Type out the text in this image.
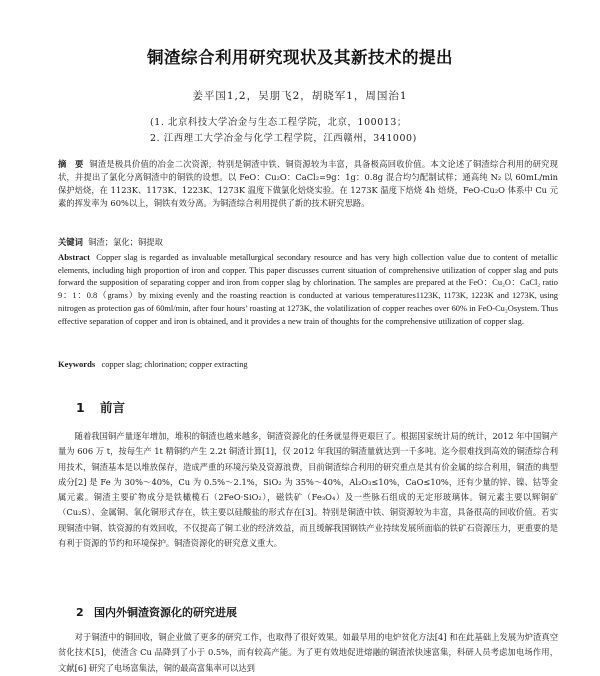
铜渣综合利用研究现状及其新技术的提出
姜平国1,2，吴朋飞2，胡晓军1，周国治1
(1. 北京科技大学冶金与生态工程学院，北京，100013；
2. 江西理工大学冶金与化学工程学院，江西赣州，341000)

摘　要 铜渣是极具价值的冶金二次资源，特别是铜渣中铁、铜资源较为丰富，具备极高回收价值。本文论述了铜渣综合利用的研究现状，并提出了氯化分离铜渣中的铜铁的设想。以 FeO：Cu₂O：CaCl₂=9g：1g：0.8g 混合均匀配制试样；通高纯 N₂ 以 60mL/min 保护焙烧，在 1123K、1173K、1223K、1273K 温度下做氯化焙烧实验。在 1273K 温度下焙烧 4h 焙烧，FeO-Cu₂O 体系中 Cu 元素的挥发率为 60%以上，铜铁有效分离。为铜渣综合利用提供了新的技术研究思路。

关键词 铜渣；氯化；铜提取

Abstract Copper slag is regarded as invaluable metallurgical secondary resource and has very high collection value due to content of metallic elements, including high proportion of iron and copper. This paper discusses current situation of comprehensive utilization of copper slag and puts forward the supposition of separating copper and iron from copper slag by chlorination. The samples are prepared at the FeO：Cu₂O：CaCl₂ ratio 9：1：0.8（grams）by mixing evenly and the roasting reaction is conducted at various temperatures1123K, 1173K, 1223K and 1273K, using nitrogen as protection gas of 60ml/min, after four hours’ roasting at 1273K, the volatilization of copper reaches over 60% in FeO-Cu₂Osystem. Thus effective separation of copper and iron is obtained, and it provides a new train of thoughts for the comprehensive utilization of copper slag.

Keywords copper slag; chlorination; copper extracting

1 前言

随着我国铜产量逐年增加，堆积的铜渣也越来越多，铜渣资源化的任务就显得更艰巨了。根据国家统计局的统计，2012 年中国铜产量为 606 万 t，按每生产 1t 精铜约产生 2.2t 铜渣计算[1]，仅 2012 年我国的铜渣量就达到一千多吨。迄今很难找到高效的铜渣综合利用技术，铜渣基本是以堆放保存，造成严重的环境污染及资源浪费，目前铜渣综合利用的研究重点是其有价金属的综合利用，铜渣的典型成分[2] 是 Fe 为 30%～40%，Cu 为 0.5%～2.1%，SiO₂ 为 35%～40%，Al₂O₃≤10%，CaO≤10%，还有少量的锌、镍、钴等金属元素。铜渣主要矿物成分是铁橄榄石（2FeO·SiO₂），磁铁矿（Fe₃O₄）及一些脉石组成的无定形玻璃体。铜元素主要以辉铜矿（Cu₂S）、金属铜、氧化铜形式存在，铁主要以硅酸盐的形式存在[3]。特别是铜渣中铁、铜资源较为丰富，具备很高的回收价值。若实现铜渣中铜、铁资源的有效回收，不仅提高了铜工业的经济效益，而且缓解我国钢铁产业持续发展所面临的铁矿石资源压力，更重要的是有利于资源的节约和环境保护。铜渣资源化的研究意义重大。

2 国内外铜渣资源化的研究进展

对于铜渣中的铜回收，铜企业做了更多的研究工作，也取得了很好效果。如最早用的电炉贫化方法[4] 和在此基础上发展为炉渣真空贫化技术[5]，使渣含 Cu 品降到了小于 0.5%，而有较高产能。为了更有效地促进熔融的铜渣浓快速富集，科研人员考虑加电场作用，文献[6] 研究了电场富集法，铜的最高富集率可以达到
